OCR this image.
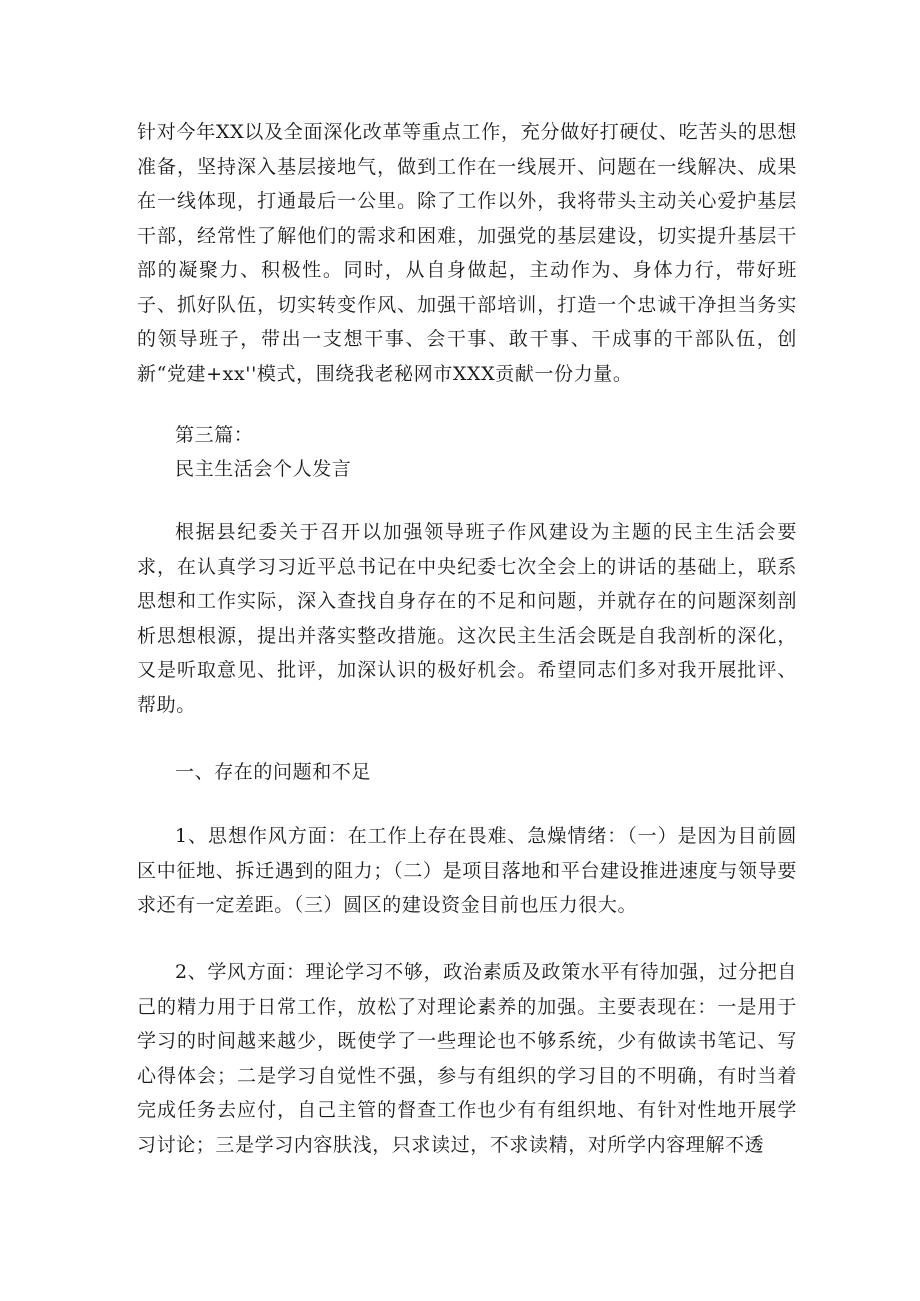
针对今年XX以及全面深化改革等重点工作，充分做好打硬仗、吃苦头的思想准备，坚持深入基层接地气，做到工作在一线展开、问题在一线解决、成果在一线体现，打通最后一公里。除了工作以外，我将带头主动关心爱护基层干部，经常性了解他们的需求和困难，加强党的基层建设，切实提升基层干部的凝聚力、积极性。同时，从自身做起，主动作为、身体力行，带好班子、抓好队伍，切实转变作风、加强干部培训，打造一个忠诚干净担当务实的领导班子，带出一支想干事、会干事、敢干事、干成事的干部队伍，创新“党建+xx''模式，围绕我老秘网市XXX贡献一份力量。

第三篇：

民主生活会个人发言

根据县纪委关于召开以加强领导班子作风建设为主题的民主生活会要求，在认真学习习近平总书记在中央纪委七次全会上的讲话的基础上，联系思想和工作实际，深入查找自身存在的不足和问题，并就存在的问题深刻剖析思想根源，提出并落实整改措施。这次民主生活会既是自我剖析的深化，又是听取意见、批评，加深认识的极好机会。希望同志们多对我开展批评、帮助。

一、存在的问题和不足

1、思想作风方面：在工作上存在畏难、急燥情绪：（一）是因为目前圆区中征地、拆迁遇到的阻力；（二）是项目落地和平台建设推进速度与领导要求还有一定差距。（三）圆区的建设资金目前也压力很大。

2、学风方面：理论学习不够，政治素质及政策水平有待加强，过分把自己的精力用于日常工作，放松了对理论素养的加强。主要表现在：一是用于学习的时间越来越少，既使学了一些理论也不够系统，少有做读书笔记、写心得体会；二是学习自觉性不强，参与有组织的学习目的不明确，有时当着完成任务去应付，自己主管的督查工作也少有有组织地、有针对性地开展学习讨论；三是学习内容肤浅，只求读过，不求读精，对所学内容理解不透
